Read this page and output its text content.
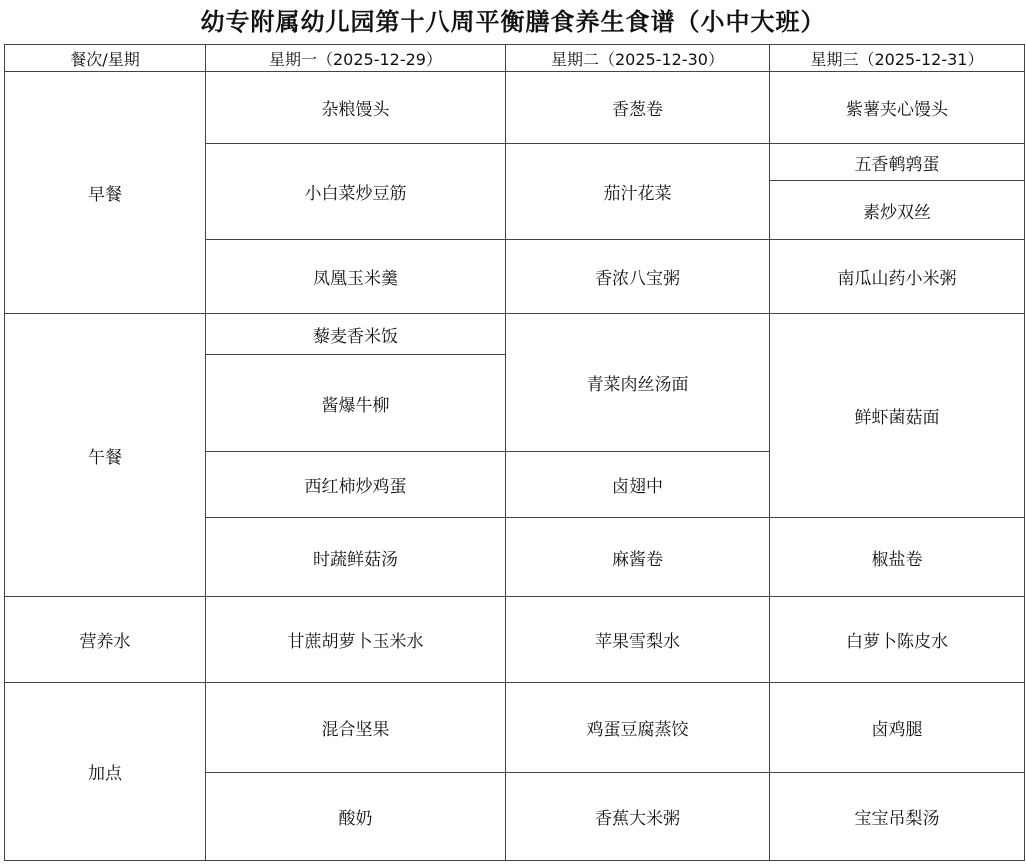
幼专附属幼儿园第十八周平衡膳食养生食谱（小中大班）
餐次/星期	星期一（2025-12-29）	星期二（2025-12-30）	星期三（2025-12-31）
早餐	杂粮馒头	香葱卷	紫薯夹心馒头
	小白菜炒豆筋	茄汁花菜	五香鹌鹑蛋
			素炒双丝
	凤凰玉米羹	香浓八宝粥	南瓜山药小米粥
午餐	藜麦香米饭	青菜肉丝汤面	鲜虾菌菇面
	酱爆牛柳		
	西红柿炒鸡蛋	卤翅中	
	时蔬鲜菇汤	麻酱卷	椒盐卷
营养水	甘蔗胡萝卜玉米水	苹果雪梨水	白萝卜陈皮水
加点	混合坚果	鸡蛋豆腐蒸饺	卤鸡腿
	酸奶	香蕉大米粥	宝宝吊梨汤
